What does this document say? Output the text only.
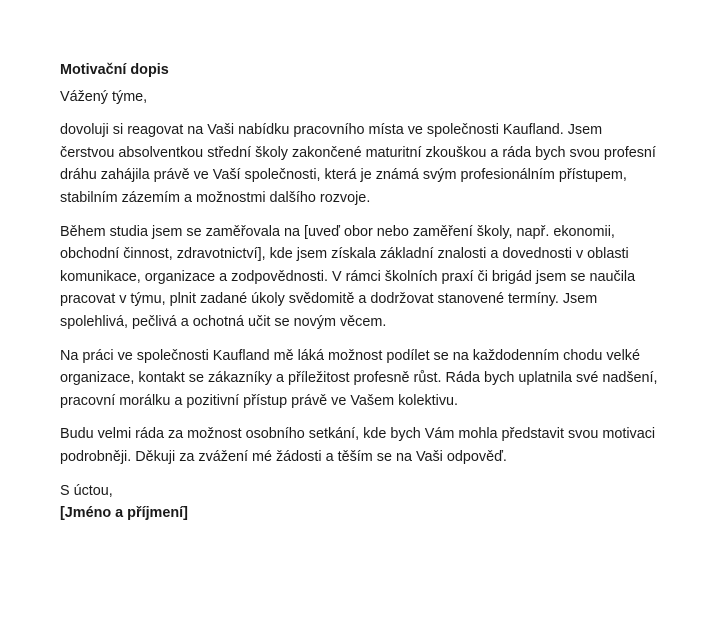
Motivační dopis

Vážený týme,

dovoluji si reagovat na Vaši nabídku pracovního místa ve společnosti Kaufland. Jsem čerstvou absolventkou střední školy zakončené maturitní zkouškou a ráda bych svou profesní dráhu zahájila právě ve Vaší společnosti, která je známá svým profesionálním přístupem, stabilním zázemím a možnostmi dalšího rozvoje.

Během studia jsem se zaměřovala na [uveď obor nebo zaměření školy, např. ekonomii, obchodní činnost, zdravotnictví], kde jsem získala základní znalosti a dovednosti v oblasti komunikace, organizace a zodpovědnosti. V rámci školních praxí či brigád jsem se naučila pracovat v týmu, plnit zadané úkoly svědomitě a dodržovat stanovené termíny. Jsem spolehlivá, pečlivá a ochotná učit se novým věcem.

Na práci ve společnosti Kaufland mě láká možnost podílet se na každodenním chodu velké organizace, kontakt se zákazníky a příležitost profesně růst. Ráda bych uplatnila své nadšení, pracovní morálku a pozitivní přístup právě ve Vašem kolektivu.

Budu velmi ráda za možnost osobního setkání, kde bych Vám mohla představit svou motivaci podrobněji. Děkuji za zvážení mé žádosti a těším se na Vaši odpověď.

S úctou,

[Jméno a příjmení]
